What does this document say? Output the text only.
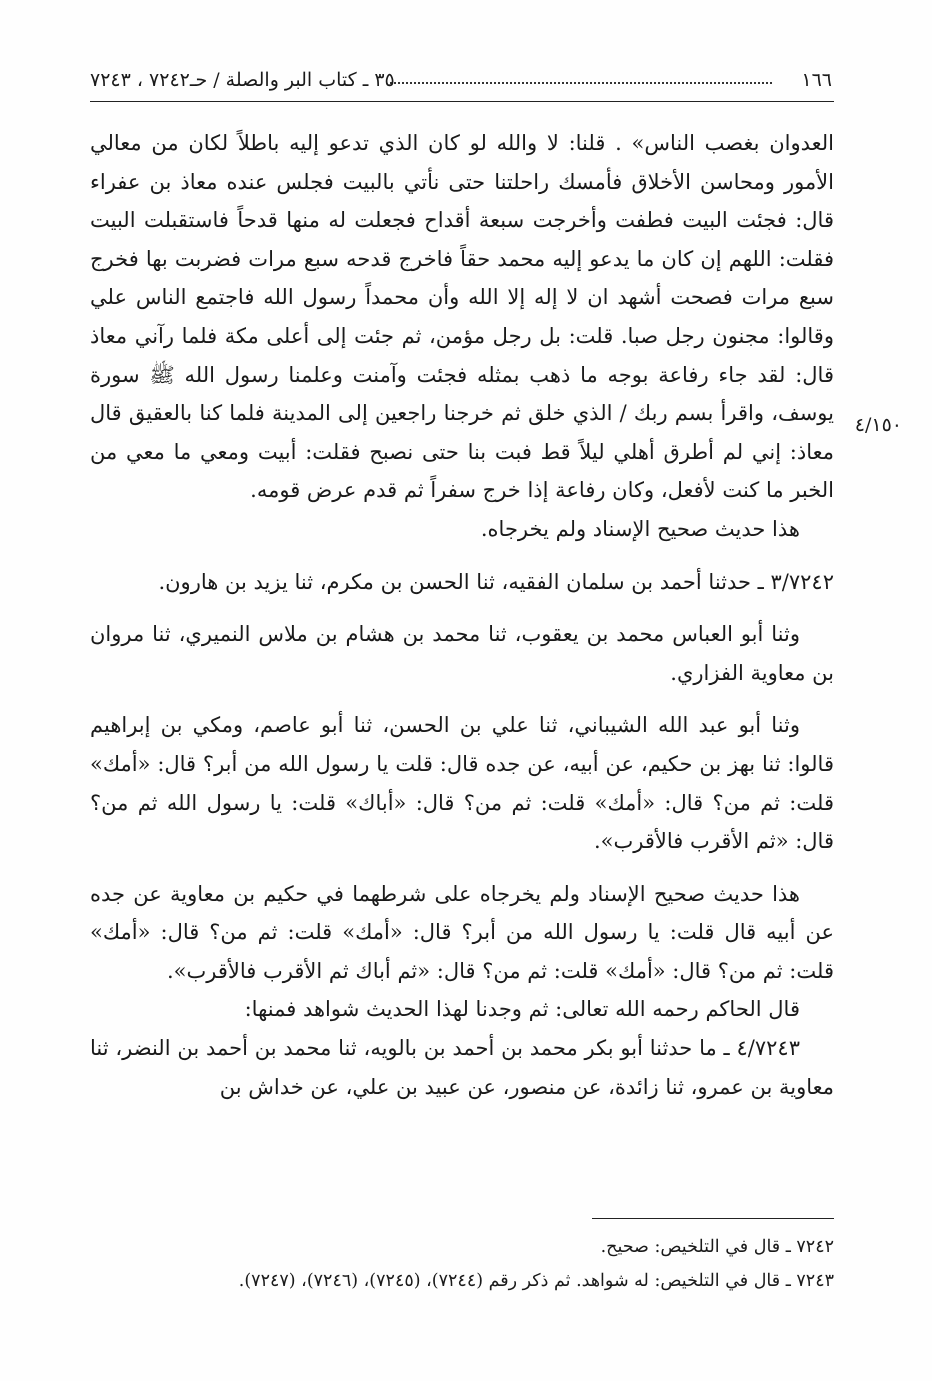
١٦٦
٣٥ ـ كتاب البر والصلة / حـ٧٢٤٢ ، ٧٢٤٣
٤/١٥٠

العدوان بغصب الناس» . قلنا: لا والله لو كان الذي تدعو إليه باطلاً لكان من معالي الأمور ومحاسن الأخلاق فأمسك راحلتنا حتى نأتي بالبيت فجلس عنده معاذ بن عفراء قال: فجئت البيت فطفت وأخرجت سبعة أقداح فجعلت له منها قدحاً فاستقبلت البيت فقلت: اللهم إن كان ما يدعو إليه محمد حقاً فاخرج قدحه سبع مرات فضربت بها فخرج سبع مرات فصحت أشهد ان لا إله إلا الله وأن محمداً رسول الله فاجتمع الناس علي وقالوا: مجنون رجل صبا. قلت: بل رجل مؤمن، ثم جئت إلى أعلى مكة فلما رآني معاذ قال: لقد جاء رفاعة بوجه ما ذهب بمثله فجئت وآمنت وعلمنا رسول الله ﷺ سورة يوسف، واقرأ بسم ربك / الذي خلق ثم خرجنا راجعين إلى المدينة فلما كنا بالعقيق قال معاذ: إني لم أطرق أهلي ليلاً قط فبت بنا حتى نصبح فقلت: أبيت ومعي ما معي من الخبر ما كنت لأفعل، وكان رفاعة إذا خرج سفراً ثم قدم عرض قومه.

هذا حديث صحيح الإسناد ولم يخرجاه.

٣/٧٢٤٢ ـ حدثنا أحمد بن سلمان الفقيه، ثنا الحسن بن مكرم، ثنا يزيد بن هارون.

وثنا أبو العباس محمد بن يعقوب، ثنا محمد بن هشام بن ملاس النميري، ثنا مروان بن معاوية الفزاري.

وثنا أبو عبد الله الشيباني، ثنا علي بن الحسن، ثنا أبو عاصم، ومكي بن إبراهيم قالوا: ثنا بهز بن حكيم، عن أبيه، عن جده قال: قلت يا رسول الله من أبر؟ قال: «أمك» قلت: ثم من؟ قال: «أمك» قلت: ثم من؟ قال: «أباك» قلت: يا رسول الله ثم من؟ قال: «ثم الأقرب فالأقرب».

هذا حديث صحيح الإسناد ولم يخرجاه على شرطهما في حكيم بن معاوية عن جده عن أبيه قال قلت: يا رسول الله من أبر؟ قال: «أمك» قلت: ثم من؟ قال: «أمك» قلت: ثم من؟ قال: «أمك» قلت: ثم من؟ قال: «ثم أباك ثم الأقرب فالأقرب».

قال الحاكم رحمه الله تعالى: ثم وجدنا لهذا الحديث شواهد فمنها:

٤/٧٢٤٣ ـ ما حدثنا أبو بكر محمد بن أحمد بن بالويه، ثنا محمد بن أحمد بن النضر، ثنا معاوية بن عمرو، ثنا زائدة، عن منصور، عن عبيد بن علي، عن خداش بن

٧٢٤٢ ـ قال في التلخيص: صحيح.
٧٢٤٣ ـ قال في التلخيص: له شواهد. ثم ذكر رقم (٧٢٤٤)، (٧٢٤٥)، (٧٢٤٦)، (٧٢٤٧).
